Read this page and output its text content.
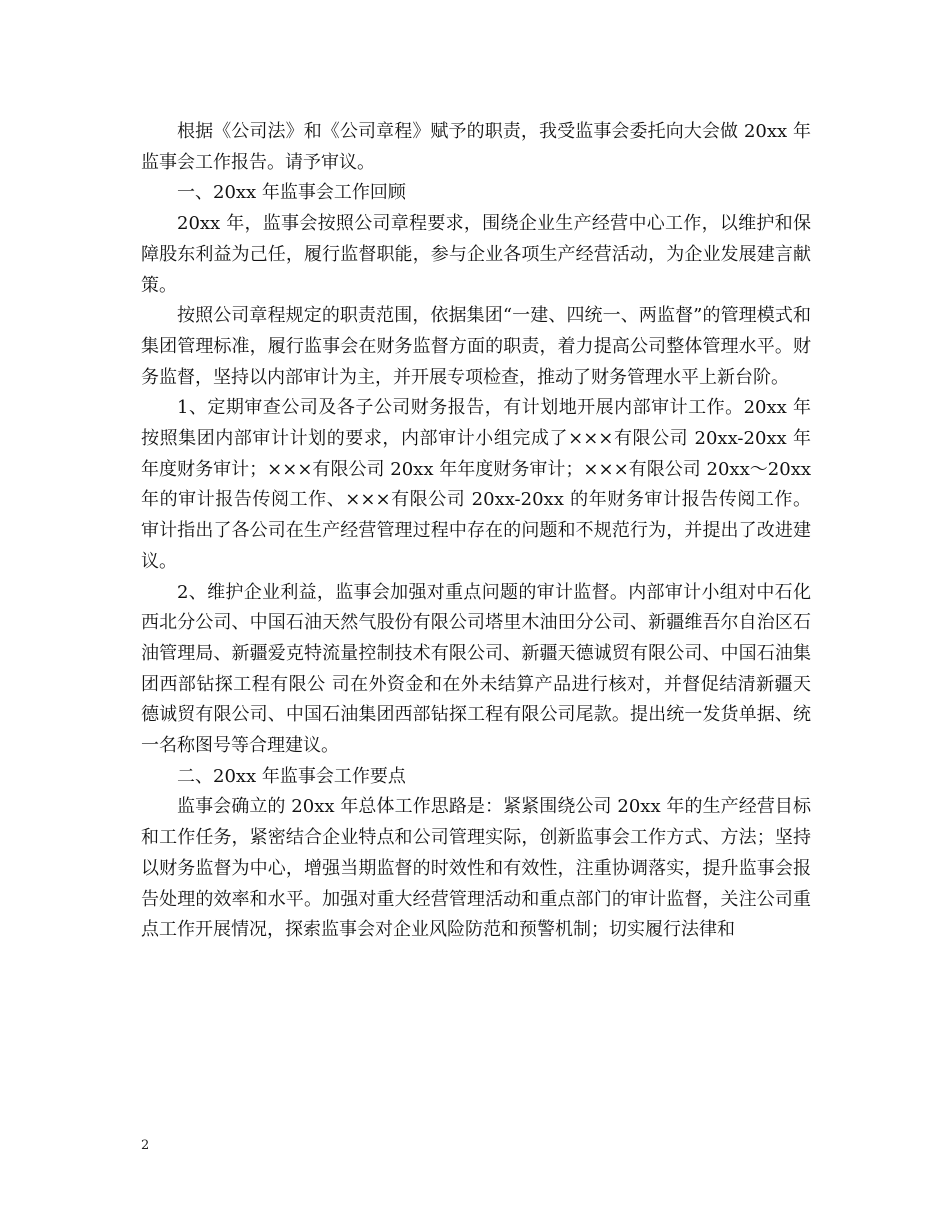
根据《公司法》和《公司章程》赋予的职责，我受监事会委托向大会做 20xx 年监事会工作报告。请予审议。

一、20xx 年监事会工作回顾

20xx 年，监事会按照公司章程要求，围绕企业生产经营中心工作，以维护和保障股东利益为己任，履行监督职能，参与企业各项生产经营活动，为企业发展建言献策。

按照公司章程规定的职责范围，依据集团“一建、四统一、两监督”的管理模式和集团管理标准，履行监事会在财务监督方面的职责，着力提高公司整体管理水平。财务监督，坚持以内部审计为主，并开展专项检查，推动了财务管理水平上新台阶。

1、定期审查公司及各子公司财务报告，有计划地开展内部审计工作。20xx 年按照集团内部审计计划的要求，内部审计小组完成了×××有限公司 20xx-20xx 年年度财务审计；×××有限公司 20xx 年年度财务审计；×××有限公司 20xx～20xx 年的审计报告传阅工作、×××有限公司 20xx-20xx 的年财务审计报告传阅工作。审计指出了各公司在生产经营管理过程中存在的问题和不规范行为，并提出了改进建议。

2、维护企业利益，监事会加强对重点问题的审计监督。内部审计小组对中石化西北分公司、中国石油天然气股份有限公司塔里木油田分公司、新疆维吾尔自治区石油管理局、新疆爱克特流量控制技术有限公司、新疆天德诚贸有限公司、中国石油集团西部钻探工程有限公 司在外资金和在外未结算产品进行核对，并督促结清新疆天德诚贸有限公司、中国石油集团西部钻探工程有限公司尾款。提出统一发货单据、统一名称图号等合理建议。

二、20xx 年监事会工作要点

监事会确立的 20xx 年总体工作思路是：紧紧围绕公司 20xx 年的生产经营目标和工作任务，紧密结合企业特点和公司管理实际，创新监事会工作方式、方法；坚持以财务监督为中心，增强当期监督的时效性和有效性，注重协调落实，提升监事会报告处理的效率和水平。加强对重大经营管理活动和重点部门的审计监督，关注公司重点工作开展情况，探索监事会对企业风险防范和预警机制；切实履行法律和

2
